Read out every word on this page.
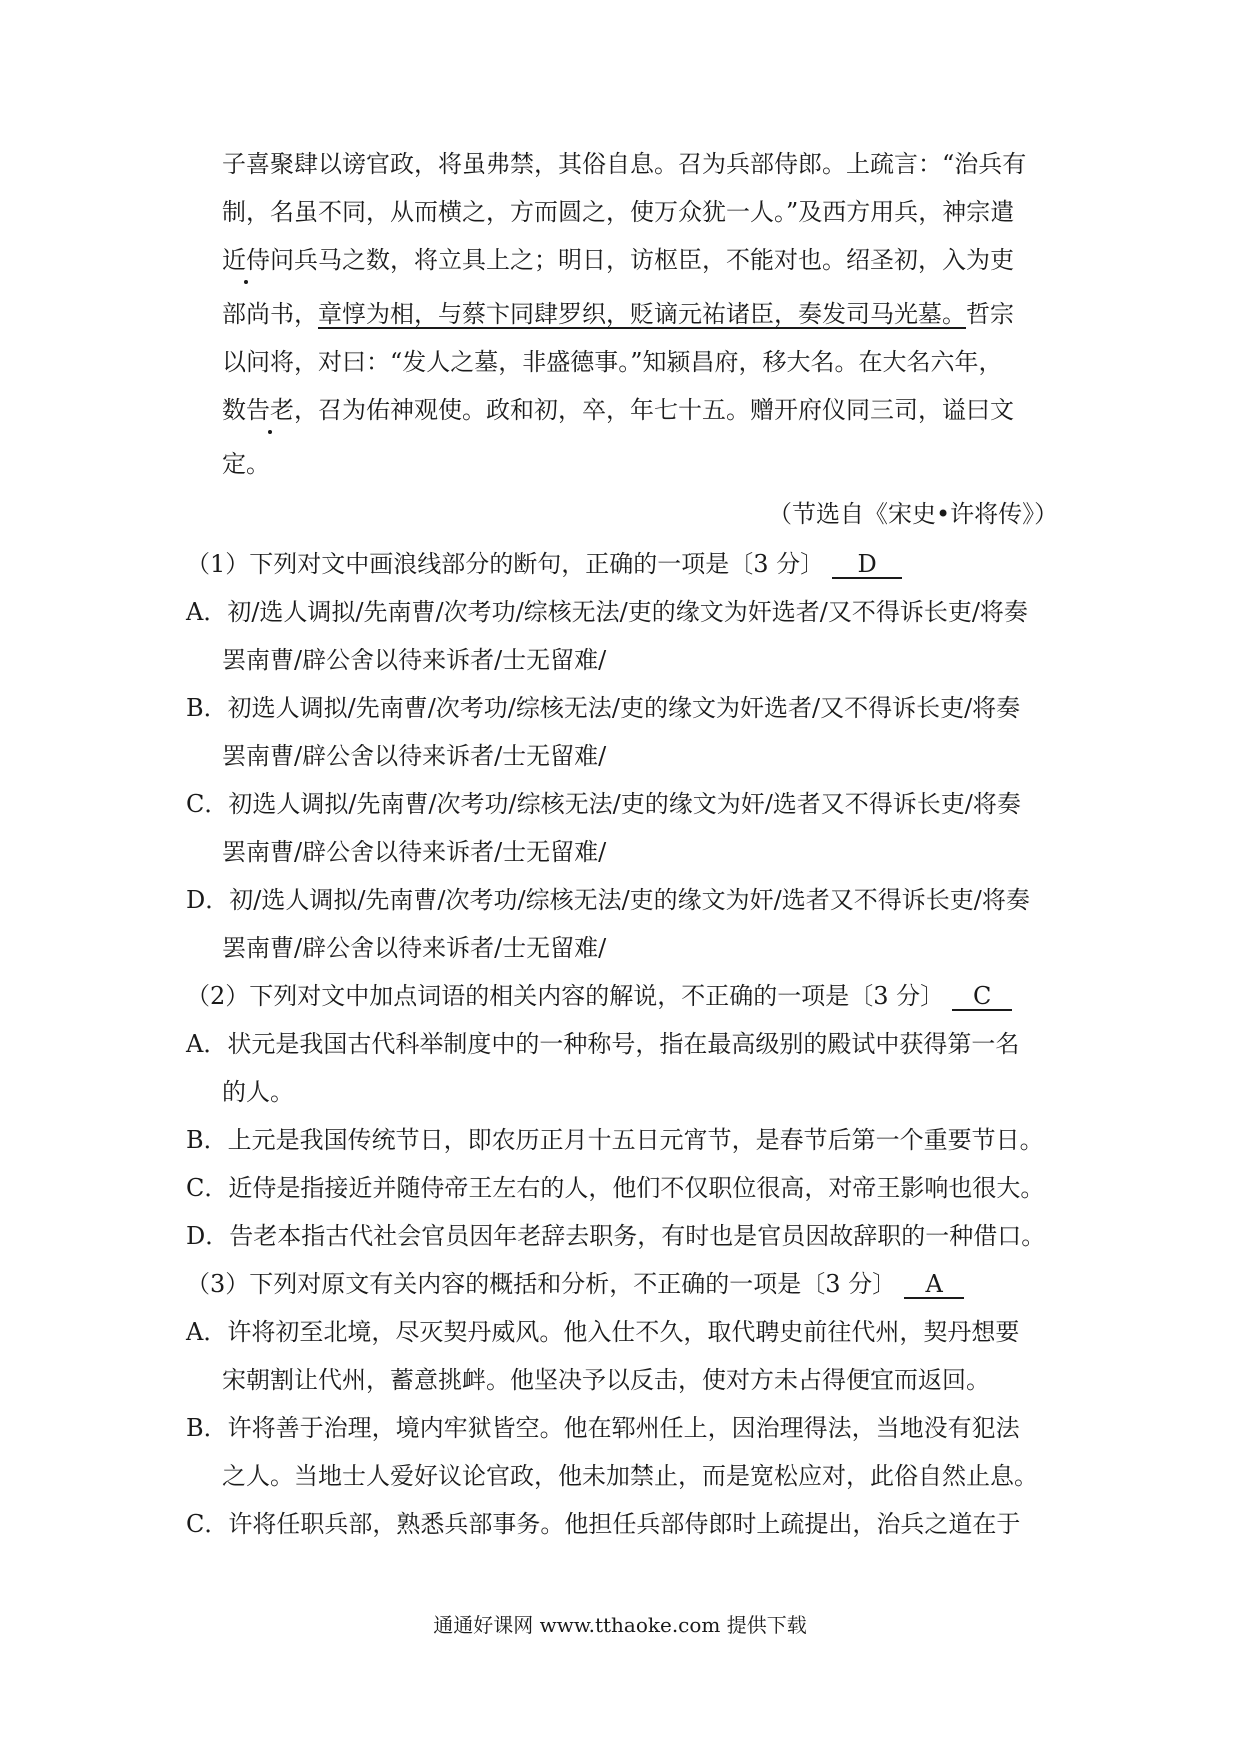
子喜聚肆以谤官政，将虽弗禁，其俗自息。召为兵部侍郎。上疏言：“治兵有
制，名虽不同，从而横之，方而圆之，使万众犹一人。”及西方用兵，神宗遣
近侍问兵马之数，将立具上之；明日，访枢臣，不能对也。绍圣初，入为吏
部尚书，章惇为相，与蔡卞同肆罗织，贬谪元祐诸臣，奏发司马光墓。哲宗
以问将，对曰：“发人之墓，非盛德事。”知颍昌府，移大名。在大名六年，
数告老，召为佑神观使。政和初，卒，年七十五。赠开府仪同三司，谥曰文
定。
（节选自《宋史•许将传》）
（1）下列对文中画浪线部分的断句，正确的一项是〔3 分〕 D
A．初/选人调拟/先南曹/次考功/综核无法/吏的缘文为奸选者/又不得诉长吏/将奏
罢南曹/辟公舍以待来诉者/士无留难/
B．初选人调拟/先南曹/次考功/综核无法/吏的缘文为奸选者/又不得诉长吏/将奏
罢南曹/辟公舍以待来诉者/士无留难/
C．初选人调拟/先南曹/次考功/综核无法/吏的缘文为奸/选者又不得诉长吏/将奏
罢南曹/辟公舍以待来诉者/士无留难/
D．初/选人调拟/先南曹/次考功/综核无法/吏的缘文为奸/选者又不得诉长吏/将奏
罢南曹/辟公舍以待来诉者/士无留难/
（2）下列对文中加点词语的相关内容的解说，不正确的一项是〔3 分〕 C
A．状元是我国古代科举制度中的一种称号，指在最高级别的殿试中获得第一名
的人。
B．上元是我国传统节日，即农历正月十五日元宵节，是春节后第一个重要节日。
C．近侍是指接近并随侍帝王左右的人，他们不仅职位很高，对帝王影响也很大。
D．告老本指古代社会官员因年老辞去职务，有时也是官员因故辞职的一种借口。
（3）下列对原文有关内容的概括和分析，不正确的一项是〔3 分〕 A
A．许将初至北境，尽灭契丹威风。他入仕不久，取代聘史前往代州，契丹想要
宋朝割让代州，蓄意挑衅。他坚决予以反击，使对方未占得便宜而返回。
B．许将善于治理，境内牢狱皆空。他在郓州任上，因治理得法，当地没有犯法
之人。当地士人爱好议论官政，他未加禁止，而是宽松应对，此俗自然止息。
C．许将任职兵部，熟悉兵部事务。他担任兵部侍郎时上疏提出，治兵之道在于
通通好课网 www.tthaoke.com 提供下载
